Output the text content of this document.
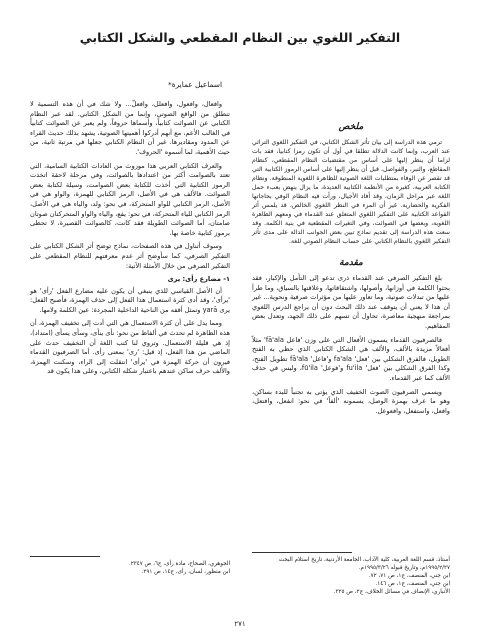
التفكير اللغوي بين النظام المقطعي والشكل الكتابي
اسماعيل عمايرة*
ملخص

ترمي هذه الدراسة إلى بيان تأثر الشكل الكتابي، في التفكير اللغوي التراثي عند العرب، وإنما كانت الدلالة تطلقا في أول أن تكون رمزا كتابيا، فقد بات لزاما أن ينظر إليها على أساس من مقتضيات النظام المقطعي، كنظام المقاطع، والنبر، والفواصل، قبل أن ينظر إليها على أساس الرموز الكتابية التي قد تقصر عن الوفاء بمتطلبات اللغة الصوتية للظاهرة اللغوية المنطوقة. ونظام الكتابة العربية، كغيره من الأنظمة الكتابية العديدة، ما يزال ينهض بعبء حمل اللغة عبر مراحل الزمان، وقد أفاد الأجيال، ورأت فيه النظام الوفي بحاجاتها الفكرية والحضارية. غير أن المرء في النظر اللغوي الخالص، قد يلمس أثر القواعد الكتابية على التفكير اللغوي المتعلق عند القدماء في ومعهم الظاهرة اللغوية، وبعضها في الصوائت، وفي التغيرات المقطعية في بنية الكلمة. وقد سعت هذه الدراسة إلى تقديم نماذج تبين بعض الجوانب الدالة على مدى تأثر التفكير اللغوي بالنظام الكتابي على حساب النظام الصوتي للغة.

مقدمة

بلغ التفكير الصرفي عند القدماء ذرى تدعو إلى التأمل والإكبار، فقد بحثوا الكلمة في أوزانها، وأصولها، واشتقاقاتها، وعلاقتها بالسياق، وما طرأ عليها من تبدلات صوتية، وما تعاور عليها من مؤثرات صرفية ونحوية... غير أن هذا لا يعني أن يتوقف عند ذلك البحث دون أن يراجع الدرس اللغوي بمراجعة منهجية معاصرة، تحاول أن تسهم على ذلك الجهد، وتعدل بعض المفاهيم.

فالصرفيون القدماء يسمون الأفعال التي على وزن 'فاعل fā'ala' مثلاً أفعالاً مزيدة بالألف، والألف هي الشكل الكتابي الذي حظي به الفتح الطويل، فالفرق الشكلي بين 'فعل' fa'ala و'فاعل' fā'ala تطويل الفتح، وكذا الفرق الشكلي بين 'فعل' fu'ila و'فوعل' fū'ila، وليس في حذف الألف كما عبر القدماء.

ويسمي الصرفيون الصوت الخفيف الذي يؤتى به تجنباً للبدء بساكن، وهو ما عرف بهمزة الوصل، يسمونه 'ألفاً' في نحو: انفعل، وافتعل، وافعل، واستفعل، وافعوعل.

وافعال، وافعول، وافعلل، وافعلّ... ولا شك في أن هذه التسمية لا تنطلق من الواقع الصوتي، وإنما من الشكل الكتابي. لقد عبر النظام الكتابي عن الصوائت كتابياً، وأسماها حروفاً، ولم يعبر عن الصوائت كتابياً في الغالب الأعم، مع أنهم أدركوا أهميتها الصوتية، يشهد بذلك حديث القراء عن المدود ومقاديرها. غير أن النظام الكتابي جعلها في مرتبة ثانية، من حيث الأهمية، لما أسموه 'الحروف'.

والعرف الكتابي العربي هذا موروث من العادات الكتابية السامية، التي تعتد بالصوامت أكثر من اعتدادها بالصوائت، وفي مرحلة لاحقة اتخذت الرموز الكتابية التي أخذت للكتابة بعض الصوامت، وسيلة لكتابة بعض الصوائت. فالألف هي في الأصل، الرمز الكتابي للهمزة، والواو هي في الأصل، الرمز الكتابي للواو المتحركة، في نحو: ولد، والياء هي في الأصل، الرمز الكتابي للياء المتحركة، في نحو: يفع، والياء والواو المتحركتان صوتان صامتان، أما الصوائت الطويلة فقد كانت، كالصوائت القصيرة، لا تحظى برموز كتابية خاصة بها.

وسوف أتناول في هذه الصفحات، نماذج توضح أثر الشكل الكتابي على التفكير الصرفي، كما سأوضح أثر عدم معرفتهم للنظام المقطعي على التفكير الصرفي من خلال الأمثلة الآتية:

١- مضارع رأى: يرى

أن الأصل القياسي للذي ينبغي أن يكون عليه مضارع الفعل 'رأى' هو 'يرأى'، وقد أدى كثرة استعمال هذا الفعل إلى حذف الهمزة، فأصبح الفعل: يرى yarā وتمثل أقفه من الناحية الداخلية المجردة: عين الكلمة ولامها.

ومما يدل على أن كثرة الاستعمال هي التي أدت إلى تخفيف الهمزة، أن هذه الظاهرة لم تحدث في ألفاظ من نحو: نأى ينأى، وسأى يسأى (امتداد)، إذ هي قليلة الاستعمال. وتروي لنا كتب اللغة أن التخفيف حدث على الماضي من هذا الفعل، إذ قيل: 'رى' بمعنى رأى. أما الصرفيون القدماء فيرون أن حركة الهمزة في 'يرأى' انتقلت إلى الراء، وسكنت الهمزة، والألف حرف ساكن عندهم باعتبار شكله الكتابي، وعلى هذا يكون قد

الجوهري، الصحاح، مادة رأى، ج٦، ص ٢٣٤٧.
ابن منظور، لسان، رأى، ج١٤، ص ٢٩١.
أستاذ، قسم اللغة العربية، كلية الآداب، الجامعة الأردنية، تاريخ استلام البحث ١٩٩٥/٢/٢٧م، وتاريخ قبوله ١٩٩٥/٣/٢٦م.
ابن جني، المنصف، ج١، ص ٧١، ٧٢.
ابن جني، المنصف، ج١، ص ١٤٦.
الأنباري، الإنصاف في مسائل الخلاف، ج٢، ص ٣٢٥.
٢٧١
